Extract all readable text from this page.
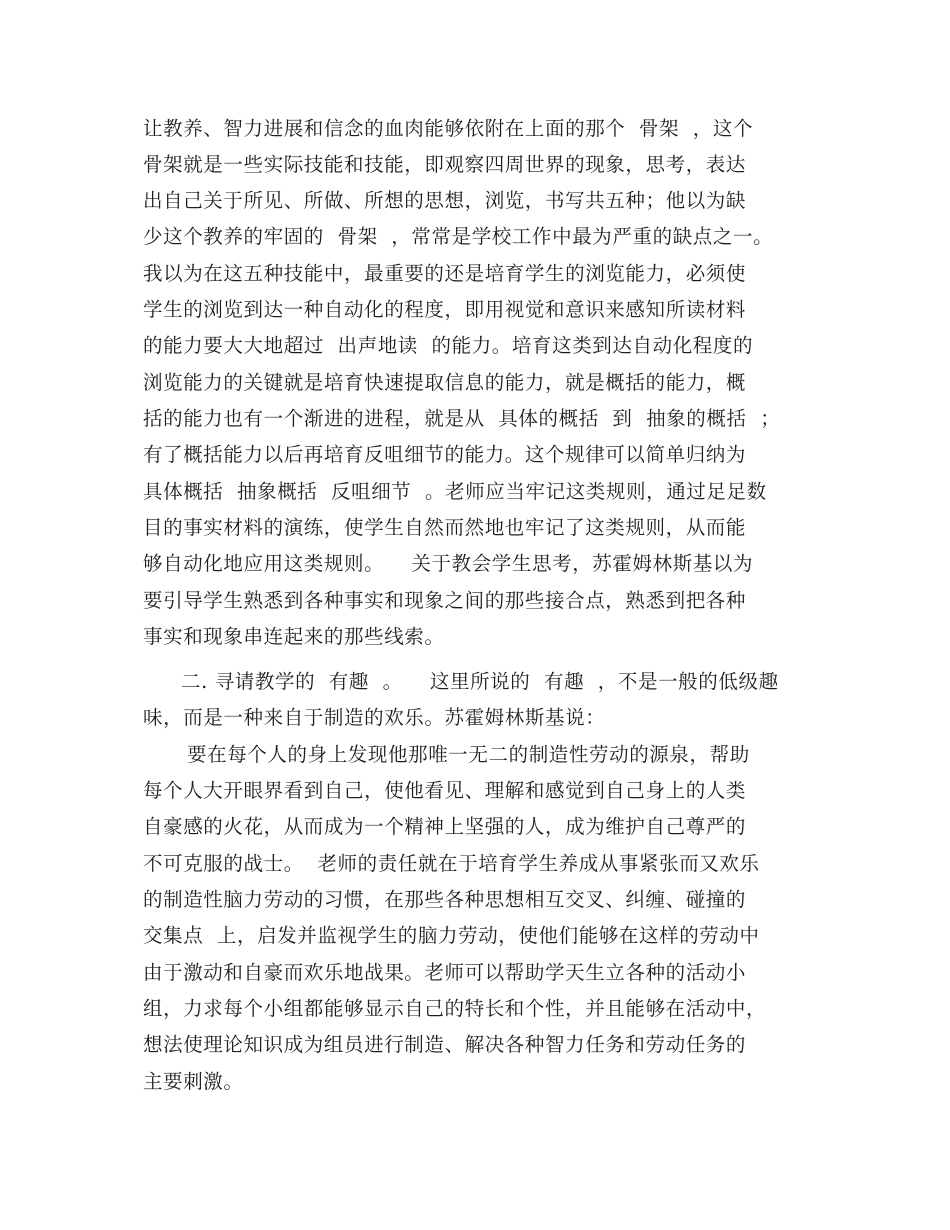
让教养、智力进展和信念的血肉能够依附在上面的那个  骨架  ，这个
骨架就是一些实际技能和技能，即观察四周世界的现象，思考，表达
出自己关于所见、所做、所想的思想，浏览，书写共五种；他以为缺
少这个教养的牢固的  骨架  ，常常是学校工作中最为严重的缺点之一。
我以为在这五种技能中，最重要的还是培育学生的浏览能力，必须使
学生的浏览到达一种自动化的程度，即用视觉和意识来感知所读材料
的能力要大大地超过  出声地读  的能力。培育这类到达自动化程度的
浏览能力的关键就是培育快速提取信息的能力，就是概括的能力，概
括的能力也有一个渐进的进程，就是从  具体的概括  到  抽象的概括  ；
有了概括能力以后再培育反咀细节的能力。这个规律可以简单归纳为
具体概括  抽象概括  反咀细节  。老师应当牢记这类规则，通过足足数
目的事实材料的演练，使学生自然而然地也牢记了这类规则，从而能
够自动化地应用这类规则。    关于教会学生思考，苏霍姆林斯基以为
要引导学生熟悉到各种事实和现象之间的那些接合点，熟悉到把各种
事实和现象串连起来的那些线索。
二. 寻请教学的  有趣  。    这里所说的  有趣  ，不是一般的低级趣
味，而是一种来自于制造的欢乐。苏霍姆林斯基说：
要在每个人的身上发现他那唯一无二的制造性劳动的源泉，帮助
每个人大开眼界看到自己，使他看见、理解和感觉到自己身上的人类
自豪感的火花，从而成为一个精神上坚强的人，成为维护自己尊严的
不可克服的战士。  老师的责任就在于培育学生养成从事紧张而又欢乐
的制造性脑力劳动的习惯，在那些各种思想相互交叉、纠缠、碰撞的
交集点  上，启发并监视学生的脑力劳动，使他们能够在这样的劳动中
由于激动和自豪而欢乐地战果。老师可以帮助学天生立各种的活动小
组，力求每个小组都能够显示自己的特长和个性，并且能够在活动中，
想法使理论知识成为组员进行制造、解决各种智力任务和劳动任务的
主要刺激。
